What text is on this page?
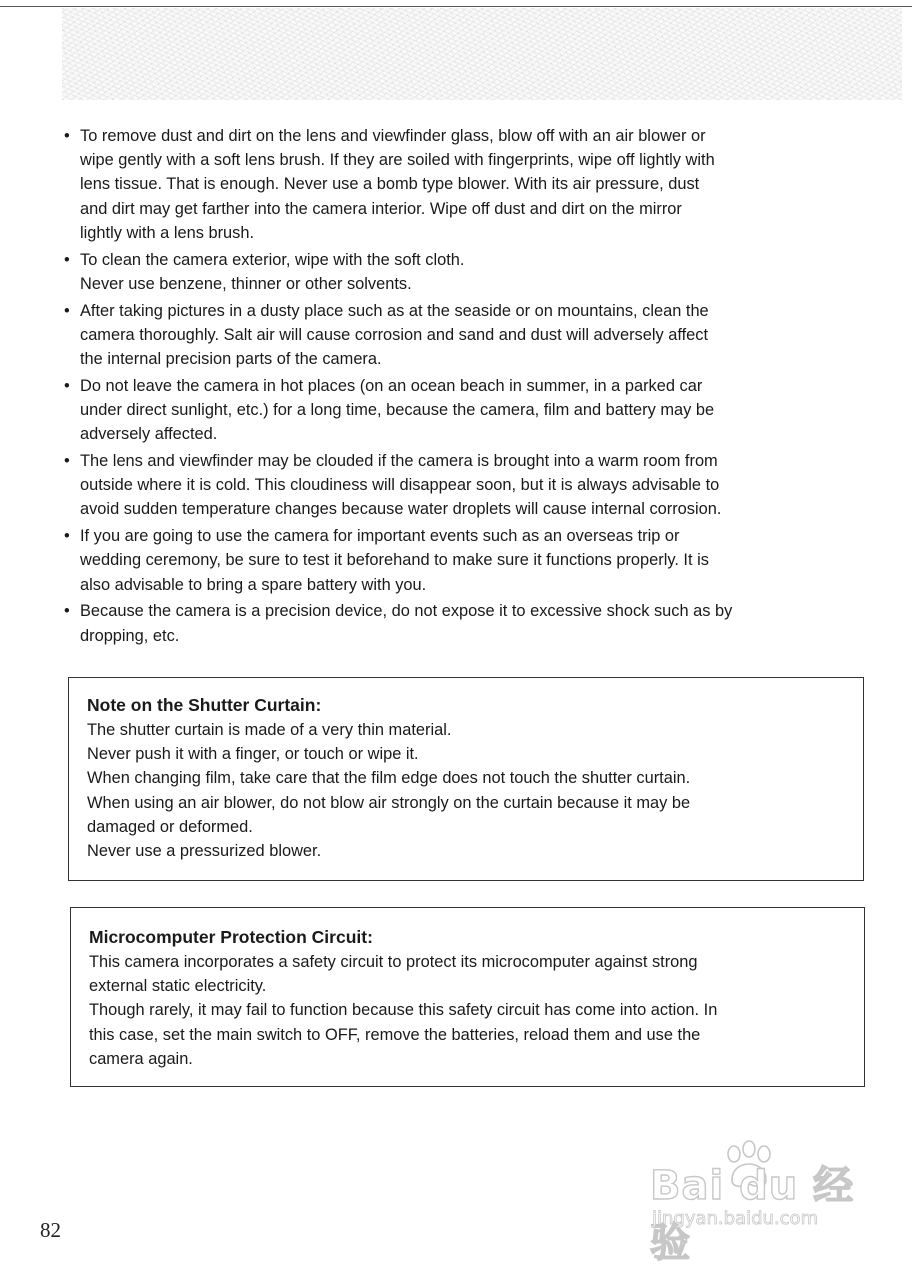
• To remove dust and dirt on the lens and viewfinder glass, blow off with an air blower or
wipe gently with a soft lens brush. If they are soiled with fingerprints, wipe off lightly with
lens tissue. That is enough. Never use a bomb type blower. With its air pressure, dust
and dirt may get farther into the camera interior. Wipe off dust and dirt on the mirror
lightly with a lens brush.
• To clean the camera exterior, wipe with the soft cloth.
Never use benzene, thinner or other solvents.
• After taking pictures in a dusty place such as at the seaside or on mountains, clean the
camera thoroughly. Salt air will cause corrosion and sand and dust will adversely affect
the internal precision parts of the camera.
• Do not leave the camera in hot places (on an ocean beach in summer, in a parked car
under direct sunlight, etc.) for a long time, because the camera, film and battery may be
adversely affected.
• The lens and viewfinder may be clouded if the camera is brought into a warm room from
outside where it is cold. This cloudiness will disappear soon, but it is always advisable to
avoid sudden temperature changes because water droplets will cause internal corrosion.
• If you are going to use the camera for important events such as an overseas trip or
wedding ceremony, be sure to test it beforehand to make sure it functions properly. It is
also advisable to bring a spare battery with you.
• Because the camera is a precision device, do not expose it to excessive shock such as by
dropping, etc.
Note on the Shutter Curtain:
The shutter curtain is made of a very thin material.
Never push it with a finger, or touch or wipe it.
When changing film, take care that the film edge does not touch the shutter curtain.
When using an air blower, do not blow air strongly on the curtain because it may be
damaged or deformed.
Never use a pressurized blower.
Microcomputer Protection Circuit:
This camera incorporates a safety circuit to protect its microcomputer against strong
external static electricity.
Though rarely, it may fail to function because this safety circuit has come into action. In
this case, set the main switch to OFF, remove the batteries, reload them and use the
camera again.
82
Bai du 经验
jingyan.baidu.com
